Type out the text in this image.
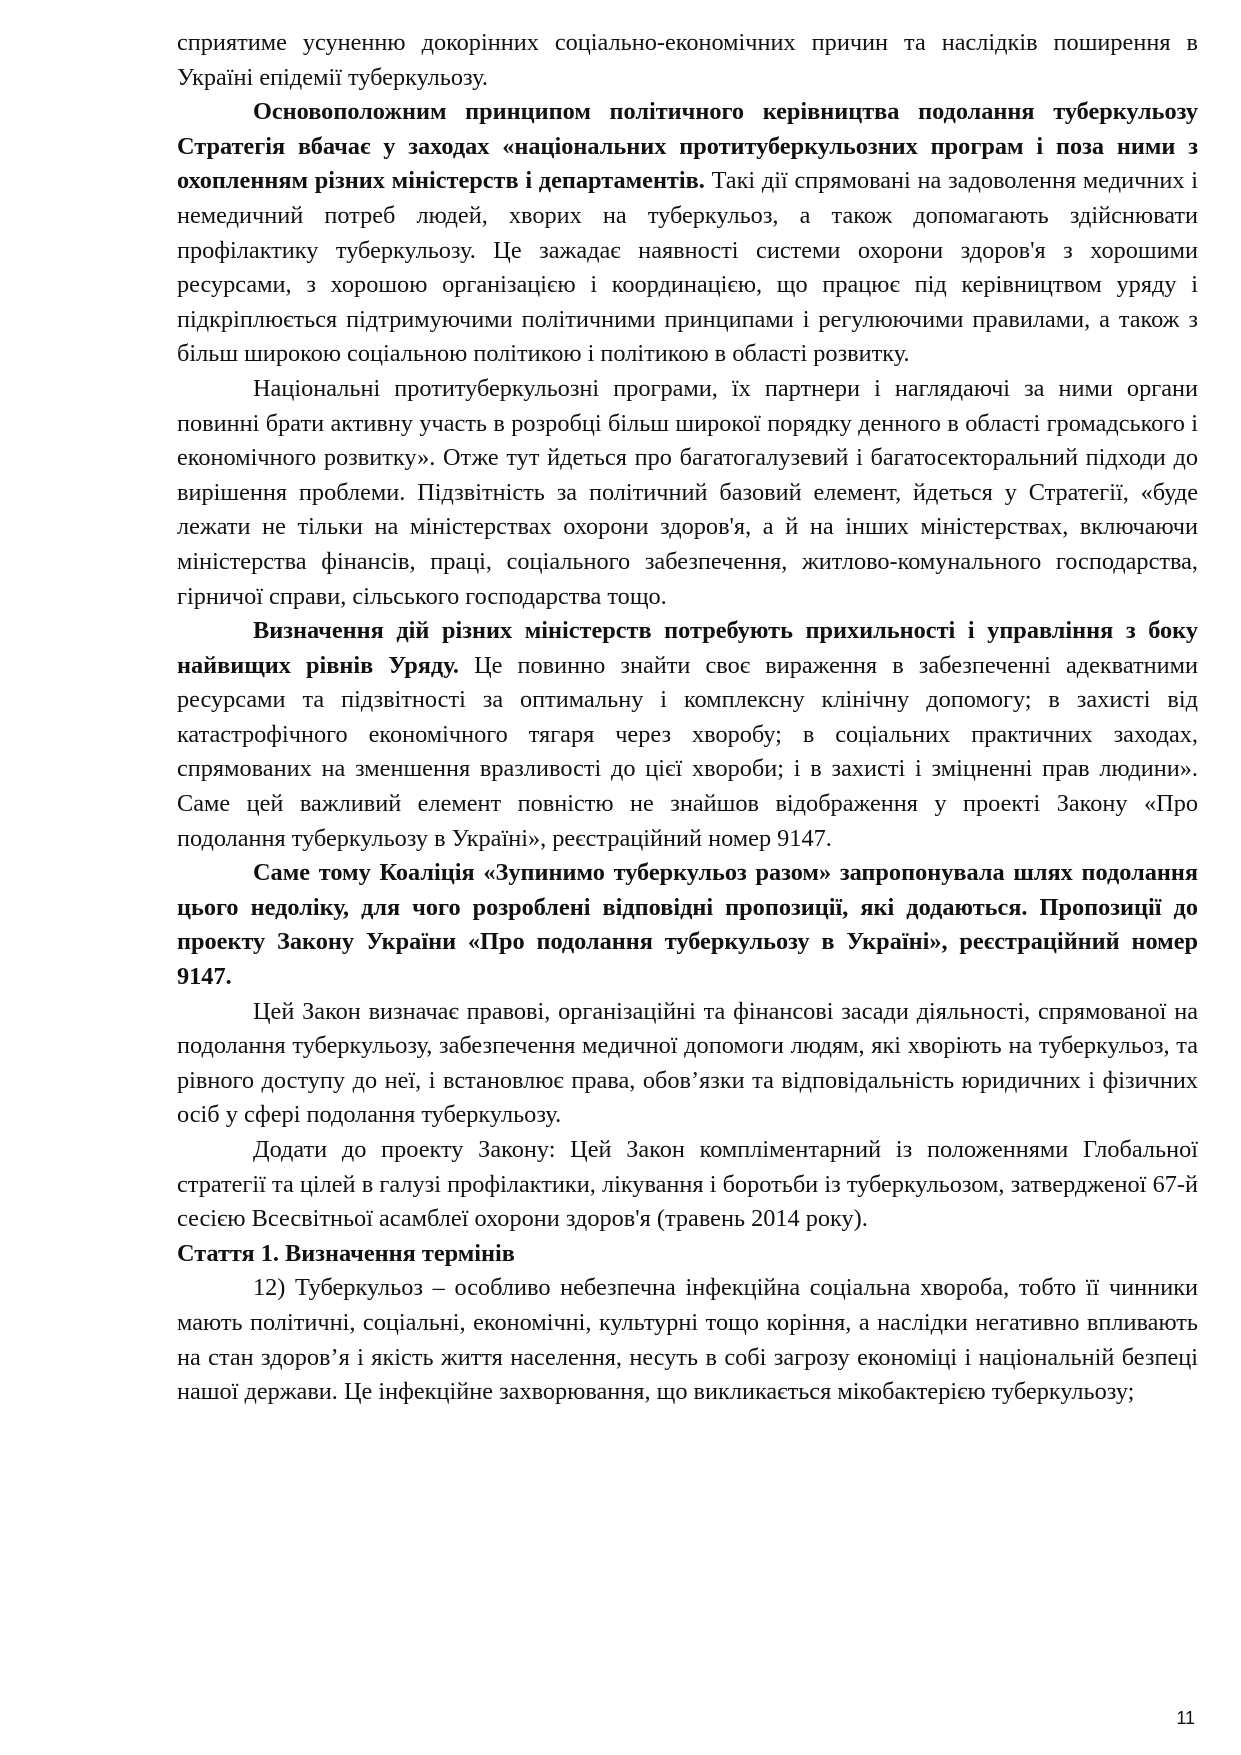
сприятиме усуненню докорінних соціально-економічних причин та наслідків поширення в Україні епідемії туберкульозу.

Основоположним принципом політичного керівництва подолання туберкульозу Стратегія вбачає у заходах «національних протитуберкульозних програм і поза ними з охопленням різних міністерств і департаментів. Такі дії спрямовані на задоволення медичних і немедичний потреб людей, хворих на туберкульоз, а також допомагають здійснювати профілактику туберкульозу. Це зажадає наявності системи охорони здоров'я з хорошими ресурсами, з хорошою організацією і координацією, що працює під керівництвом уряду і підкріплюється підтримуючими політичними принципами і регулюючими правилами, а також з більш широкою соціальною політикою і політикою в області розвитку.

Національні протитуберкульозні програми, їх партнери і наглядаючі за ними органи повинні брати активну участь в розробці більш широкої порядку денного в області громадського і економічного розвитку». Отже тут йдеться про багатогалузевий і багатосекторальний підходи до вирішення проблеми. Підзвітність за політичний базовий елемент, йдеться у Стратегії, «буде лежати не тільки на міністерствах охорони здоров'я, а й на інших міністерствах, включаючи міністерства фінансів, праці, соціального забезпечення, житлово-комунального господарства, гірничої справи, сільського господарства тощо.

Визначення дій різних міністерств потребують прихильності і управління з боку найвищих рівнів Уряду. Це повинно знайти своє вираження в забезпеченні адекватними ресурсами та підзвітності за оптимальну і комплексну клінічну допомогу; в захисті від катастрофічного економічного тягаря через хворобу; в соціальних практичних заходах, спрямованих на зменшення вразливості до цієї хвороби; і в захисті і зміцненні прав людини». Саме цей важливий елемент повністю не знайшов відображення у проекті Закону «Про подолання туберкульозу в Україні», реєстраційний номер 9147.

Саме тому Коаліція «Зупинимо туберкульоз разом» запропонувала шлях подолання цього недоліку, для чого розроблені відповідні пропозиції, які додаються. Пропозиції до проекту Закону України «Про подолання туберкульозу в Україні», реєстраційний номер 9147.

Цей Закон визначає правові, організаційні та фінансові засади діяльності, спрямованої на подолання туберкульозу, забезпечення медичної допомоги людям, які хворіють на туберкульоз, та рівного доступу до неї, і встановлює права, обов’язки та відповідальність юридичних і фізичних осіб у сфері подолання туберкульозу.

Додати до проекту Закону: Цей Закон компліментарний із положеннями Глобальної стратегії та цілей в галузі профілактики, лікування і боротьби із туберкульозом, затвердженої 67-й сесією Всесвітньої асамблеї охорони здоров'я (травень 2014 року).

Стаття 1. Визначення термінів

12) Туберкульоз – особливо небезпечна інфекційна соціальна хвороба, тобто її чинники мають політичні, соціальні, економічні, культурні тощо коріння, а наслідки негативно впливають на стан здоров’я і якість життя населення, несуть в собі загрозу економіці і національній безпеці нашої держави. Це інфекційне захворювання, що викликається мікобактерією туберкульозу;

11
